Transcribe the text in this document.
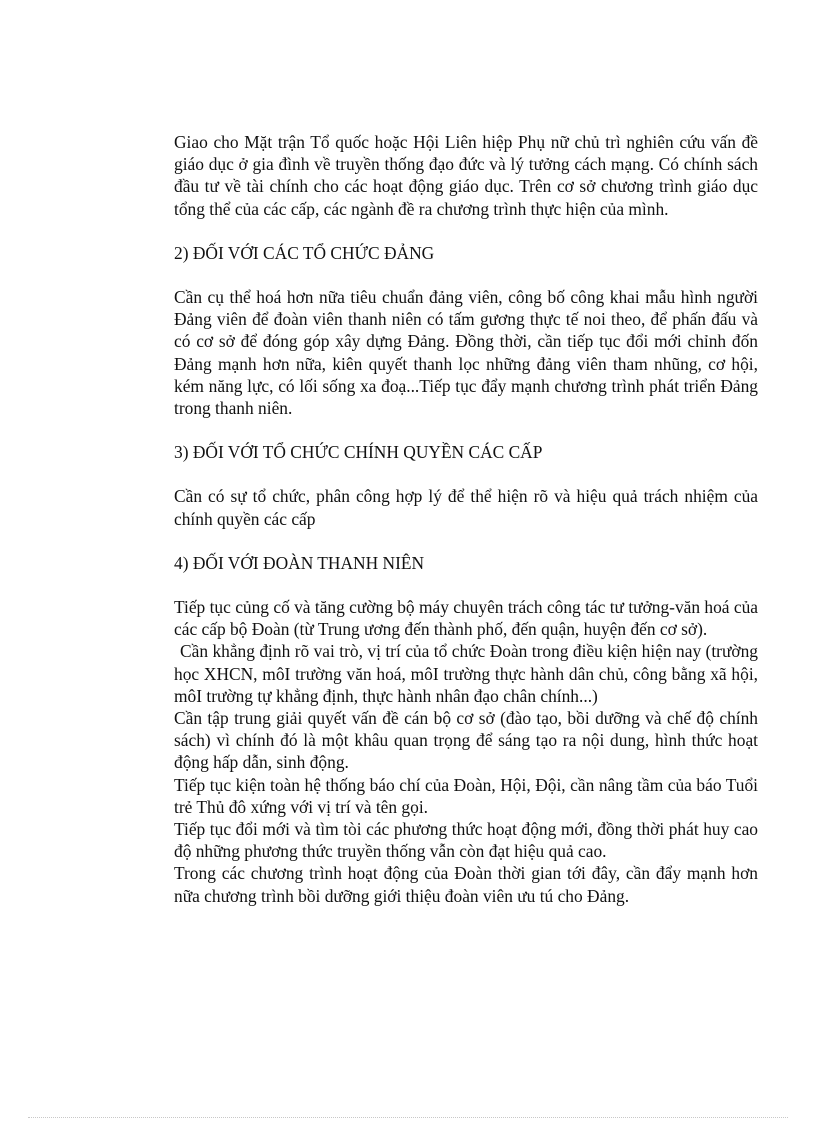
Giao cho Mặt trận Tổ quốc hoặc Hội Liên hiệp Phụ nữ chủ trì nghiên cứu vấn đề giáo dục ở gia đình về truyền thống đạo đức và lý tưởng cách mạng. Có chính sách đầu tư về tài chính cho các hoạt động giáo dục. Trên cơ sở chương trình giáo dục tổng thể của các cấp, các ngành đề ra chương trình thực hiện của mình.

2) ĐỐI VỚI CÁC TỔ CHỨC ĐẢNG

Cần cụ thể hoá hơn nữa tiêu chuẩn đảng viên, công bố công khai mẫu hình người Đảng viên để đoàn viên thanh niên có tấm gương thực tế noi theo, để phấn đấu và có cơ sở để đóng góp xây dựng Đảng. Đồng thời, cần tiếp tục đổi mới chỉnh đốn Đảng mạnh hơn nữa, kiên quyết thanh lọc những đảng viên tham nhũng, cơ hội, kém năng lực, có lối sống xa đoạ...Tiếp tục đẩy mạnh chương trình phát triển Đảng trong thanh niên.

3) ĐỐI VỚI TỔ CHỨC CHÍNH QUYỀN CÁC CẤP

Cần có sự tổ chức, phân công hợp lý để thể hiện rõ và hiệu quả trách nhiệm của chính quyền các cấp

4) ĐỐI VỚI ĐOÀN THANH NIÊN

Tiếp tục củng cố và tăng cường bộ máy chuyên trách công tác tư tưởng-văn hoá của các cấp bộ Đoàn (từ Trung ương đến thành phố, đến quận, huyện đến cơ sở).

Cần khẳng định rõ vai trò, vị trí của tổ chức Đoàn trong điều kiện hiện nay (trường học XHCN, môI trường văn hoá, môI trường thực hành dân chủ, công bằng xã hội, môI trường tự khẳng định, thực hành nhân đạo chân chính...)

Cần tập trung giải quyết vấn đề cán bộ cơ sở (đào tạo, bồi dưỡng và chế độ chính sách) vì chính đó là một khâu quan trọng để sáng tạo ra nội dung, hình thức hoạt động hấp dẫn, sinh động.

Tiếp tục kiện toàn hệ thống báo chí của Đoàn, Hội, Đội, cần nâng tầm của báo Tuổi trẻ Thủ đô xứng với vị trí và tên gọi.

Tiếp tục đổi mới và tìm tòi các phương thức hoạt động mới, đồng thời phát huy cao độ những phương thức truyền thống vẫn còn đạt hiệu quả cao.

Trong các chương trình hoạt động của Đoàn thời gian tới đây, cần đẩy mạnh hơn nữa chương trình bồi dưỡng giới thiệu đoàn viên ưu tú cho Đảng.
